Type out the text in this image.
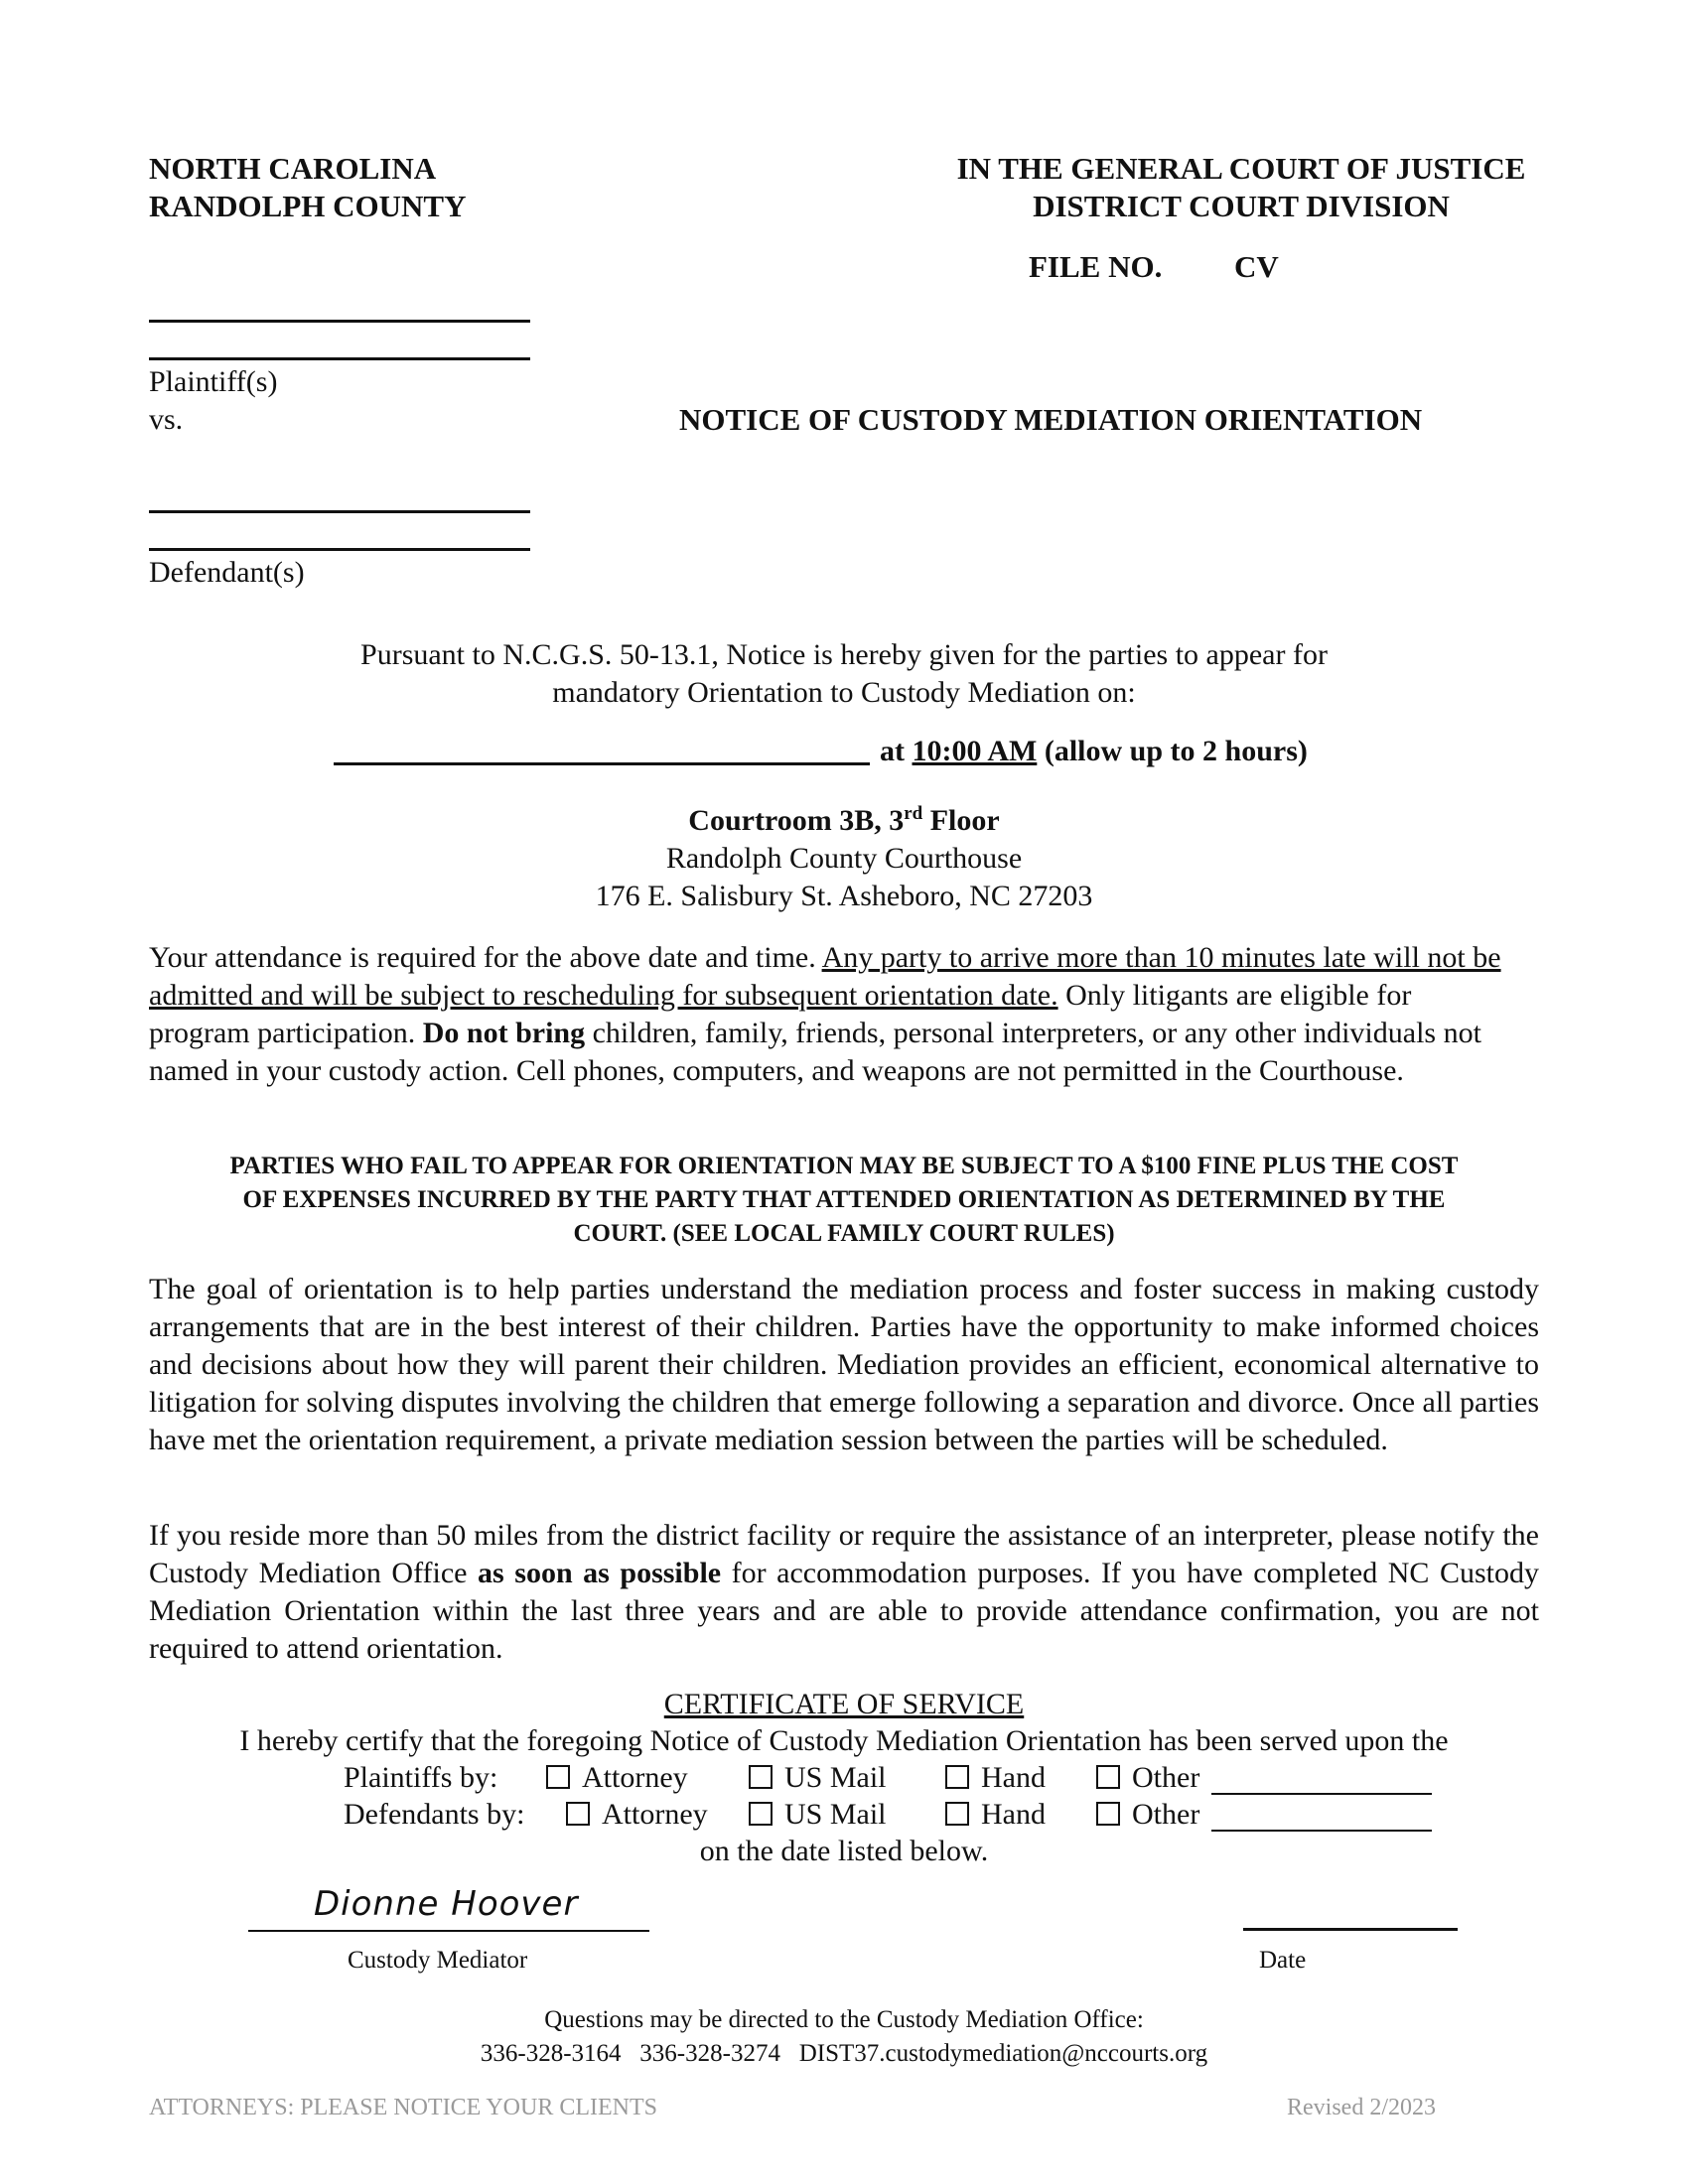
NORTH CAROLINA
RANDOLPH COUNTY
IN THE GENERAL COURT OF JUSTICE
DISTRICT COURT DIVISION
FILE NO. CV
Plaintiff(s)
vs.	NOTICE OF CUSTODY MEDIATION ORIENTATION
Defendant(s)
Pursuant to N.C.G.S. 50-13.1, Notice is hereby given for the parties to appear for
mandatory Orientation to Custody Mediation on:
at 10:00 AM (allow up to 2 hours)
Courtroom 3B, 3rd Floor
Randolph County Courthouse
176 E. Salisbury St. Asheboro, NC 27203
Your attendance is required for the above date and time. Any party to arrive more than 10 minutes late will not be admitted and will be subject to rescheduling for subsequent orientation date. Only litigants are eligible for program participation. Do not bring children, family, friends, personal interpreters, or any other individuals not named in your custody action. Cell phones, computers, and weapons are not permitted in the Courthouse.
PARTIES WHO FAIL TO APPEAR FOR ORIENTATION MAY BE SUBJECT TO A $100 FINE PLUS THE COST
OF EXPENSES INCURRED BY THE PARTY THAT ATTENDED ORIENTATION AS DETERMINED BY THE
COURT. (SEE LOCAL FAMILY COURT RULES)
The goal of orientation is to help parties understand the mediation process and foster success in making custody arrangements that are in the best interest of their children. Parties have the opportunity to make informed choices and decisions about how they will parent their children. Mediation provides an efficient, economical alternative to litigation for solving disputes involving the children that emerge following a separation and divorce. Once all parties have met the orientation requirement, a private mediation session between the parties will be scheduled.
If you reside more than 50 miles from the district facility or require the assistance of an interpreter, please notify the Custody Mediation Office as soon as possible for accommodation purposes. If you have completed NC Custody Mediation Orientation within the last three years and are able to provide attendance confirmation, you are not required to attend orientation.
CERTIFICATE OF SERVICE
I hereby certify that the foregoing Notice of Custody Mediation Orientation has been served upon the
Plaintiffs by:	Attorney	US Mail	Hand	Other
Defendants by:	Attorney	US Mail	Hand	Other
on the date listed below.
Dionne Hoover
Custody Mediator	Date
Questions may be directed to the Custody Mediation Office:
336-328-3164 336-328-3274 DIST37.custodymediation@nccourts.org
ATTORNEYS: PLEASE NOTICE YOUR CLIENTS	Revised 2/2023
